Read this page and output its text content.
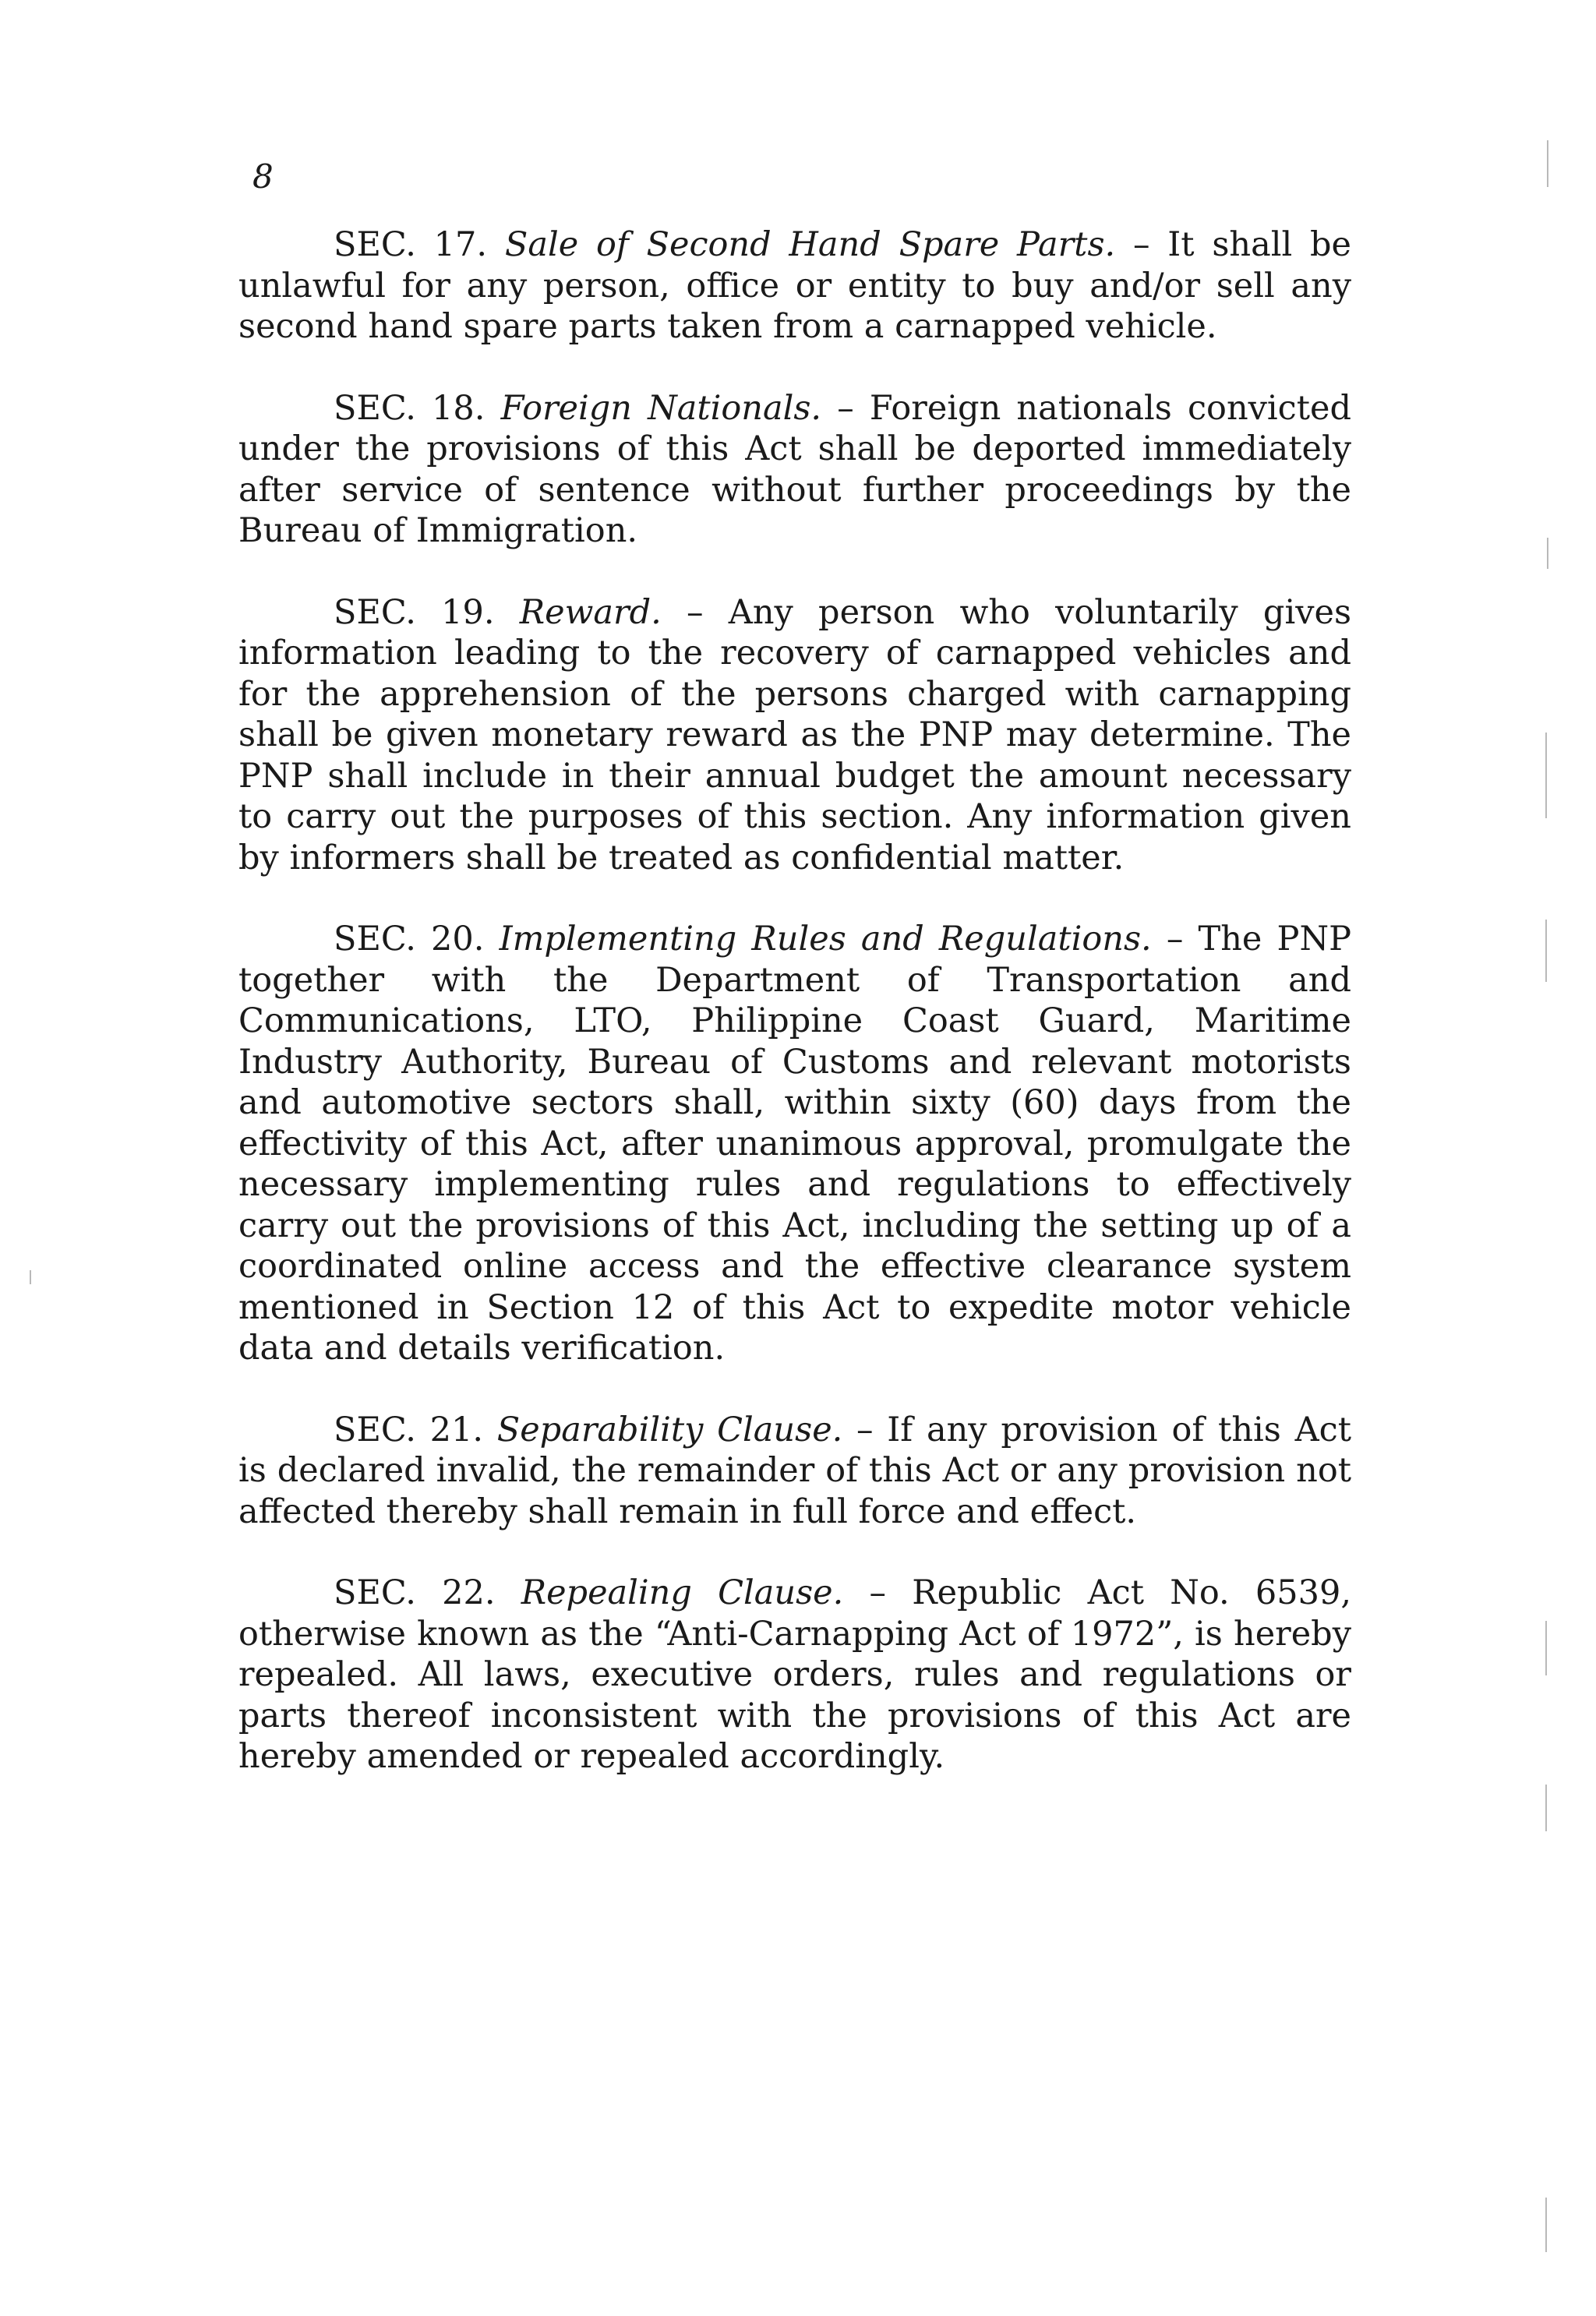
8

SEC. 17. Sale of Second Hand Spare Parts. – It shall be unlawful for any person, office or entity to buy and/or sell any second hand spare parts taken from a carnapped vehicle.

SEC. 18. Foreign Nationals. – Foreign nationals convicted under the provisions of this Act shall be deported immediately after service of sentence without further proceedings by the Bureau of Immigration.

SEC. 19. Reward. – Any person who voluntarily gives information leading to the recovery of carnapped vehicles and for the apprehension of the persons charged with carnapping shall be given monetary reward as the PNP may determine. The PNP shall include in their annual budget the amount necessary to carry out the purposes of this section. Any information given by informers shall be treated as confidential matter.

SEC. 20. Implementing Rules and Regulations. – The PNP together with the Department of Transportation and Communications, LTO, Philippine Coast Guard, Maritime Industry Authority, Bureau of Customs and relevant motorists and automotive sectors shall, within sixty (60) days from the effectivity of this Act, after unanimous approval, promulgate the necessary implementing rules and regulations to effectively carry out the provisions of this Act, including the setting up of a coordinated online access and the effective clearance system mentioned in Section 12 of this Act to expedite motor vehicle data and details verification.

SEC. 21. Separability Clause. – If any provision of this Act is declared invalid, the remainder of this Act or any provision not affected thereby shall remain in full force and effect.

SEC. 22. Repealing Clause. – Republic Act No. 6539, otherwise known as the “Anti-Carnapping Act of 1972”, is hereby repealed. All laws, executive orders, rules and regulations or parts thereof inconsistent with the provisions of this Act are hereby amended or repealed accordingly.
